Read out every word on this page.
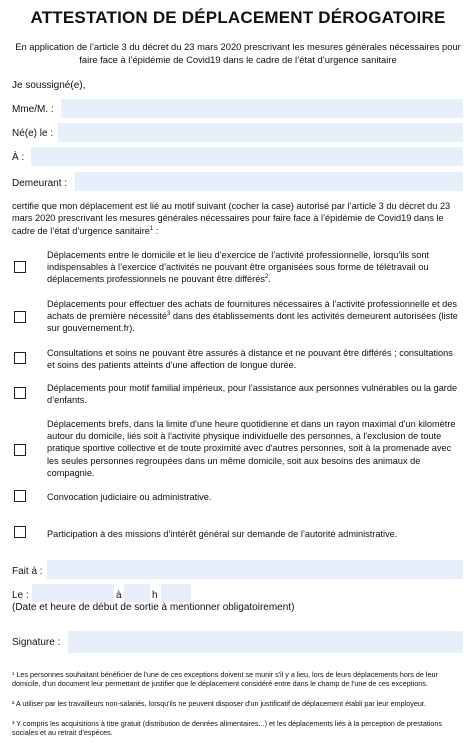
ATTESTATION DE DÉPLACEMENT DÉROGATOIRE
En application de l’article 3 du décret du 23 mars 2020 prescrivant les mesures générales nécessaires pour faire face à l’épidémie de Covid19 dans le cadre de l’état d’urgence sanitaire
Je soussigné(e),
Mme/M. :
Né(e) le :
À :
Demeurant :
certifie que mon déplacement est lié au motif suivant (cocher la case) autorisé par l’article 3 du décret du 23 mars 2020 prescrivant les mesures générales nécessaires pour faire face à l’épidémie de Covid19 dans le cadre de l’état d’urgence sanitaire$^1$ :
Déplacements entre le domicile et le lieu d’exercice de l’activité professionnelle, lorsqu’ils sont indispensables à l’exercice d’activités ne pouvant être organisées sous forme de télétravail ou déplacements professionnels ne pouvant être différés$^2$.
Déplacements pour effectuer des achats de fournitures nécessaires à l’activité professionnelle et des achats de première nécessité$^3$ dans des établissements dont les activités demeurent autorisées (liste sur gouvernement.fr).
Consultations et soins ne pouvant être assurés à distance et ne pouvant être différés ; consultations et soins des patients atteints d'une affection de longue durée.
Déplacements pour motif familial impérieux, pour l’assistance aux personnes vulnérables ou la garde d’enfants.
Déplacements brefs, dans la limite d'une heure quotidienne et dans un rayon maximal d'un kilomètre autour du domicile, liés soit à l'activité physique individuelle des personnes, à l'exclusion de toute pratique sportive collective et de toute proximité avec d'autres personnes, soit à la promenade avec les seules personnes regroupées dans un même domicile, soit aux besoins des animaux de compagnie.
Convocation judiciaire ou administrative.
Participation à des missions d’intérêt général sur demande de l’autorité administrative.
Fait à :
Le :	à	h
(Date et heure de début de sortie à mentionner obligatoirement)
Signature :
¹ Les personnes souhaitant bénéficier de l'une de ces exceptions doivent se munir s'il y a lieu, lors de leurs déplacements hors de leur domicile, d'un document leur permettant de justifier que le déplacement considéré entre dans le champ de l'une de ces exceptions.
² A utiliser par les travailleurs non-salariés, lorsqu'ils ne peuvent disposer d'un justificatif de déplacement établi par leur employeur.
³ Y compris les acquisitions à titre gratuit (distribution de denrées alimentaires...) et les déplacements liés à la perception de prestations sociales et au retrait d’espèces.
